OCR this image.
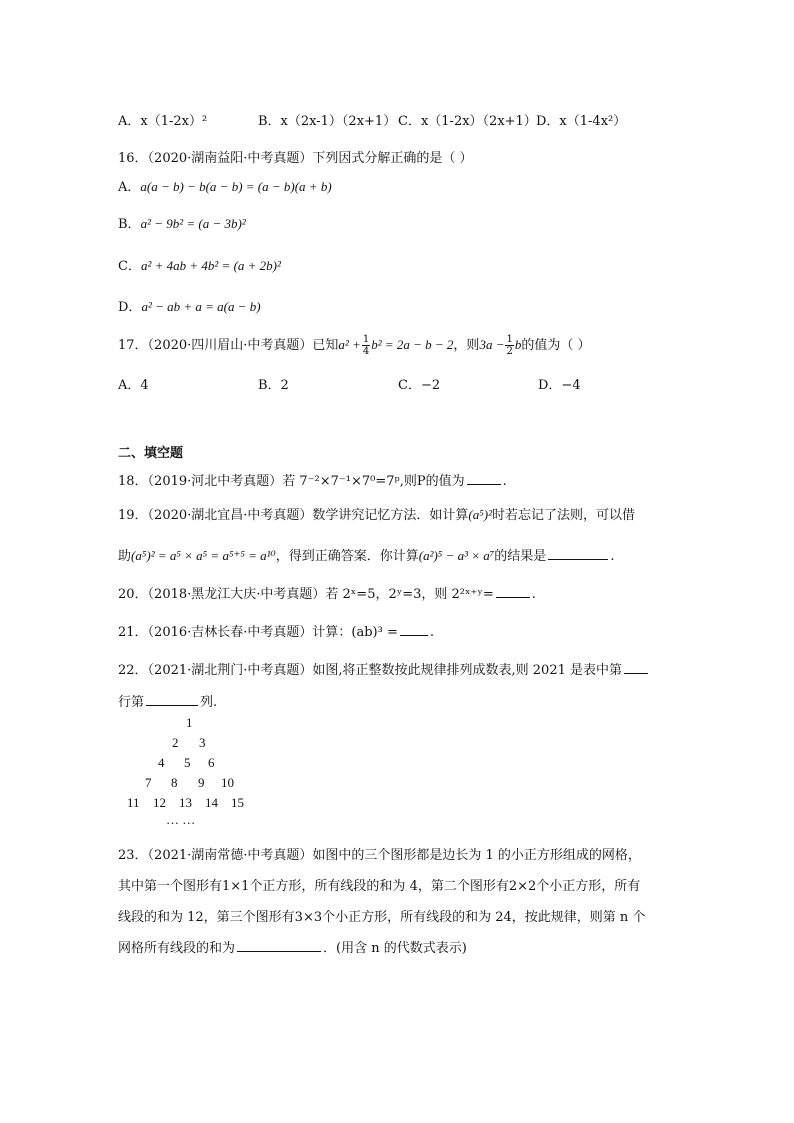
A．x（1-2x）²	B．x（2x-1）（2x+1） C．x（1-2x）（2x+1）D．x（1-4x²）
16．（2020·湖南益阳·中考真题）下列因式分解正确的是（ ）
A．a(a − b) − b(a − b) = (a − b)(a + b)
B．a² − 9b² = (a − 3b)²
C．a² + 4ab + 4b² = (a + 2b)²
D．a² − ab + a = a(a − b)
17．（2020·四川眉山·中考真题）已知$a^2 + \frac{1}{4} b^2 = 2a - b - 2$，则$3a - \frac{1}{2}$ b的值为（ ）
A．4	B．2	C．−2	D．−4
二、填空题
18．（2019·河北中考真题）若 7⁻²×7⁻¹×7⁰=7ᵖ,则P的值为	.
19．（2020·湖北宜昌·中考真题）数学讲究记忆方法．如计算(a⁵)²时若忘记了法则，可以借
助(a⁵)² = a⁵ × a⁵ = a⁵⁺⁵ = a¹⁰，得到正确答案．你计算(a²)⁵ − a³ × a⁷的结果是	.
20．（2018·黑龙江大庆·中考真题）若 2ˣ=5，2ʸ=3，则 2²ˣ⁺ʸ=	.
21．（2016·吉林长春·中考真题）计算：(ab)³ = .
22．（2021·湖北荆门·中考真题）如图,将正整数按此规律排列成数表,则 2021 是表中第
行第	列.
1
2 3
4 5 6
7 8 9 10
11 12 13 14 15
… …
23．（2021·湖南常德·中考真题）如图中的三个图形都是边长为 1 的小正方形组成的网格，
其中第一个图形有1×1个正方形，所有线段的和为 4，第二个图形有2×2个小正方形，所有
线段的和为 12，第三个图形有3×3个小正方形，所有线段的和为 24，按此规律，则第 n 个
网格所有线段的和为	．(用含 n 的代数式表示)
